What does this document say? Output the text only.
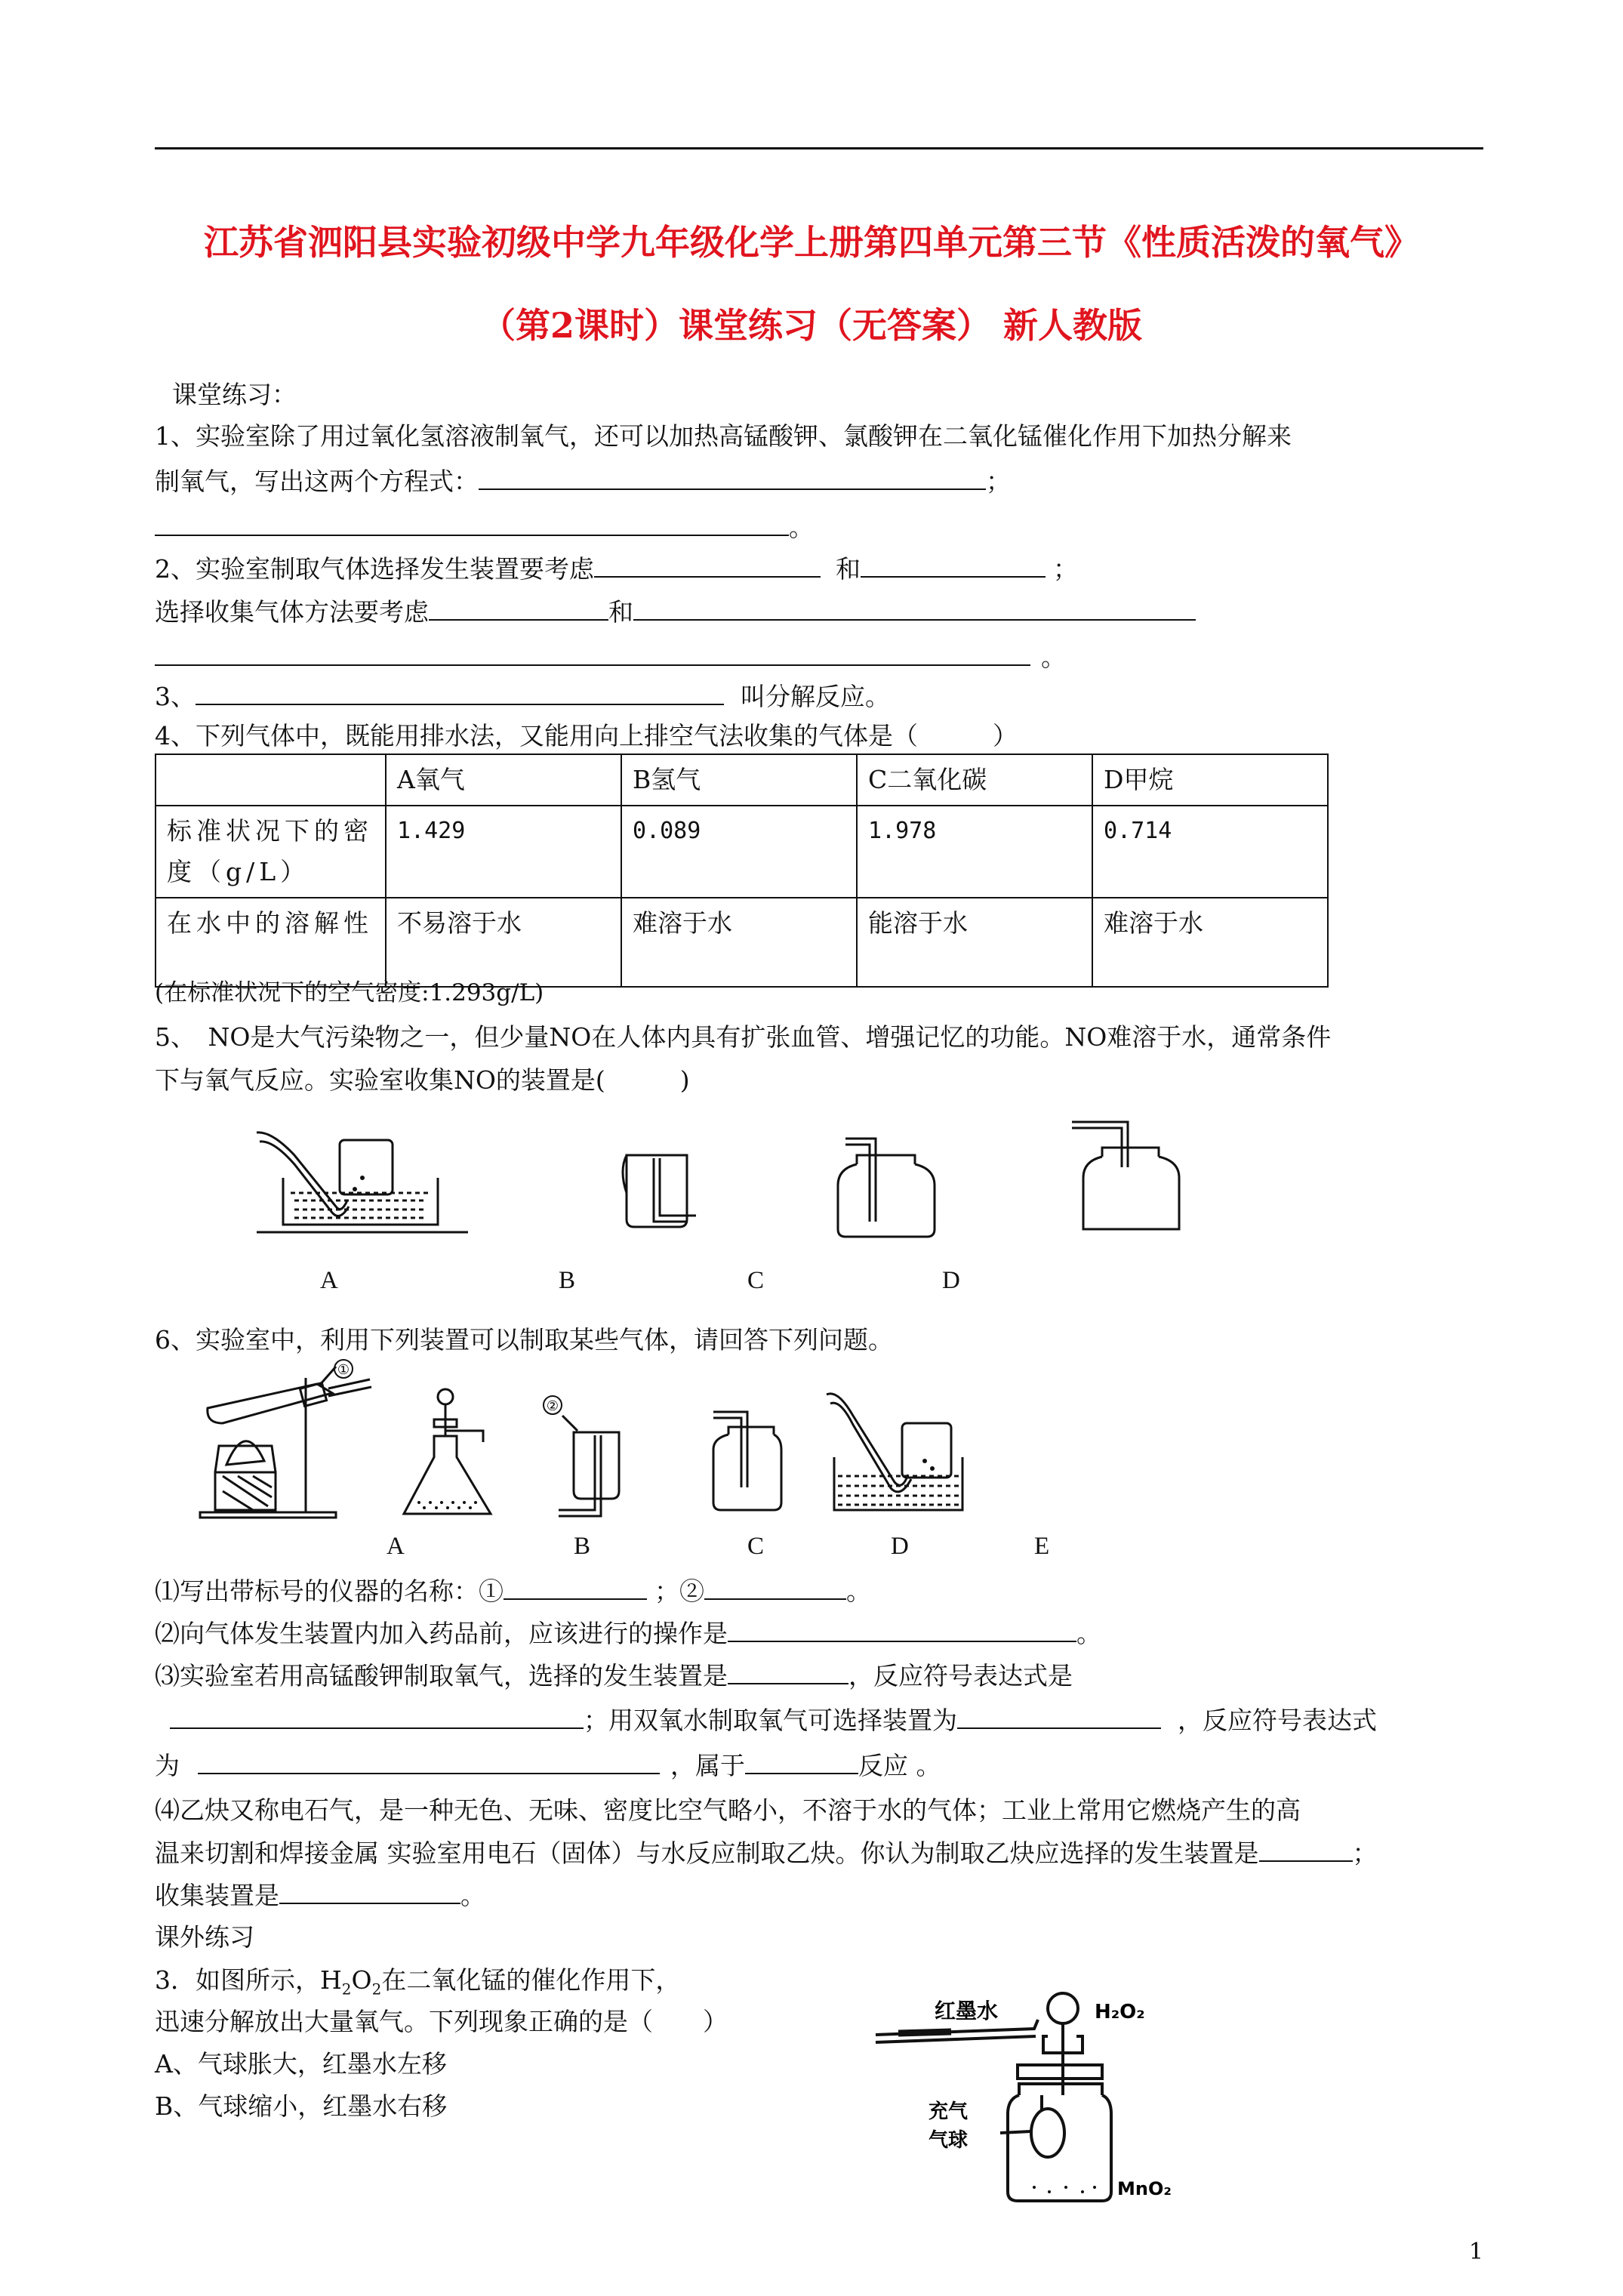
江苏省泗阳县实验初级中学九年级化学上册第四单元第三节《性质活泼的氧气》
（第2课时）课堂练习（无答案） 新人教版
课堂练习：
1、实验室除了用过氧化氢溶液制氧气，还可以加热高锰酸钾、氯酸钾在二氧化锰催化作用下加热分解来
制氧气，写出这两个方程式：	；
。
2、实验室制取气体选择发生装置要考虑	和	；
选择收集气体方法要考虑	和
。
3、	叫分解反应。
4、下列气体中，既能用排水法，又能用向上排空气法收集的气体是（　　　）
	A氧气	B氢气	C二氧化碳	D甲烷
标准状况下的密度（g/L）	1.429	0.089	1.978	0.714
在水中的溶解性	不易溶于水	难溶于水	能溶于水	难溶于水
(在标准状况下的空气密度:1.293g/L)
5、　NO是大气污染物之一，但少量NO在人体内具有扩张血管、增强记忆的功能。NO难溶于水，通常条件
下与氧气反应。实验室收集NO的装置是(　　　)
A	B	C	D
6、实验室中，利用下列装置可以制取某些气体，请回答下列问题。
①
②
A	B	C	D	E
⑴写出带标号的仪器的名称：①	；②	。
⑵向气体发生装置内加入药品前，应该进行的操作是	。
⑶实验室若用高锰酸钾制取氧气，选择的发生装置是	，反应符号表达式是
；用双氧水制取氧气可选择装置为	，反应符号表达式
为	，属于	反应 。
⑷乙炔又称电石气，是一种无色、无味、密度比空气略小，不溶于水的气体；工业上常用它燃烧产生的高
温来切割和焊接金属 实验室用电石（固体）与水反应制取乙炔。你认为制取乙炔应选择的发生装置是	；
收集装置是	。
课外练习
3．如图所示，$H_2O_2$在二氧化锰的催化作用下，
迅速分解放出大量氧气。下列现象正确的是（　　）
A、气球胀大，红墨水左移
B、气球缩小，红墨水右移
红墨水	H₂O₂
充气
气球
MnO₂
1
